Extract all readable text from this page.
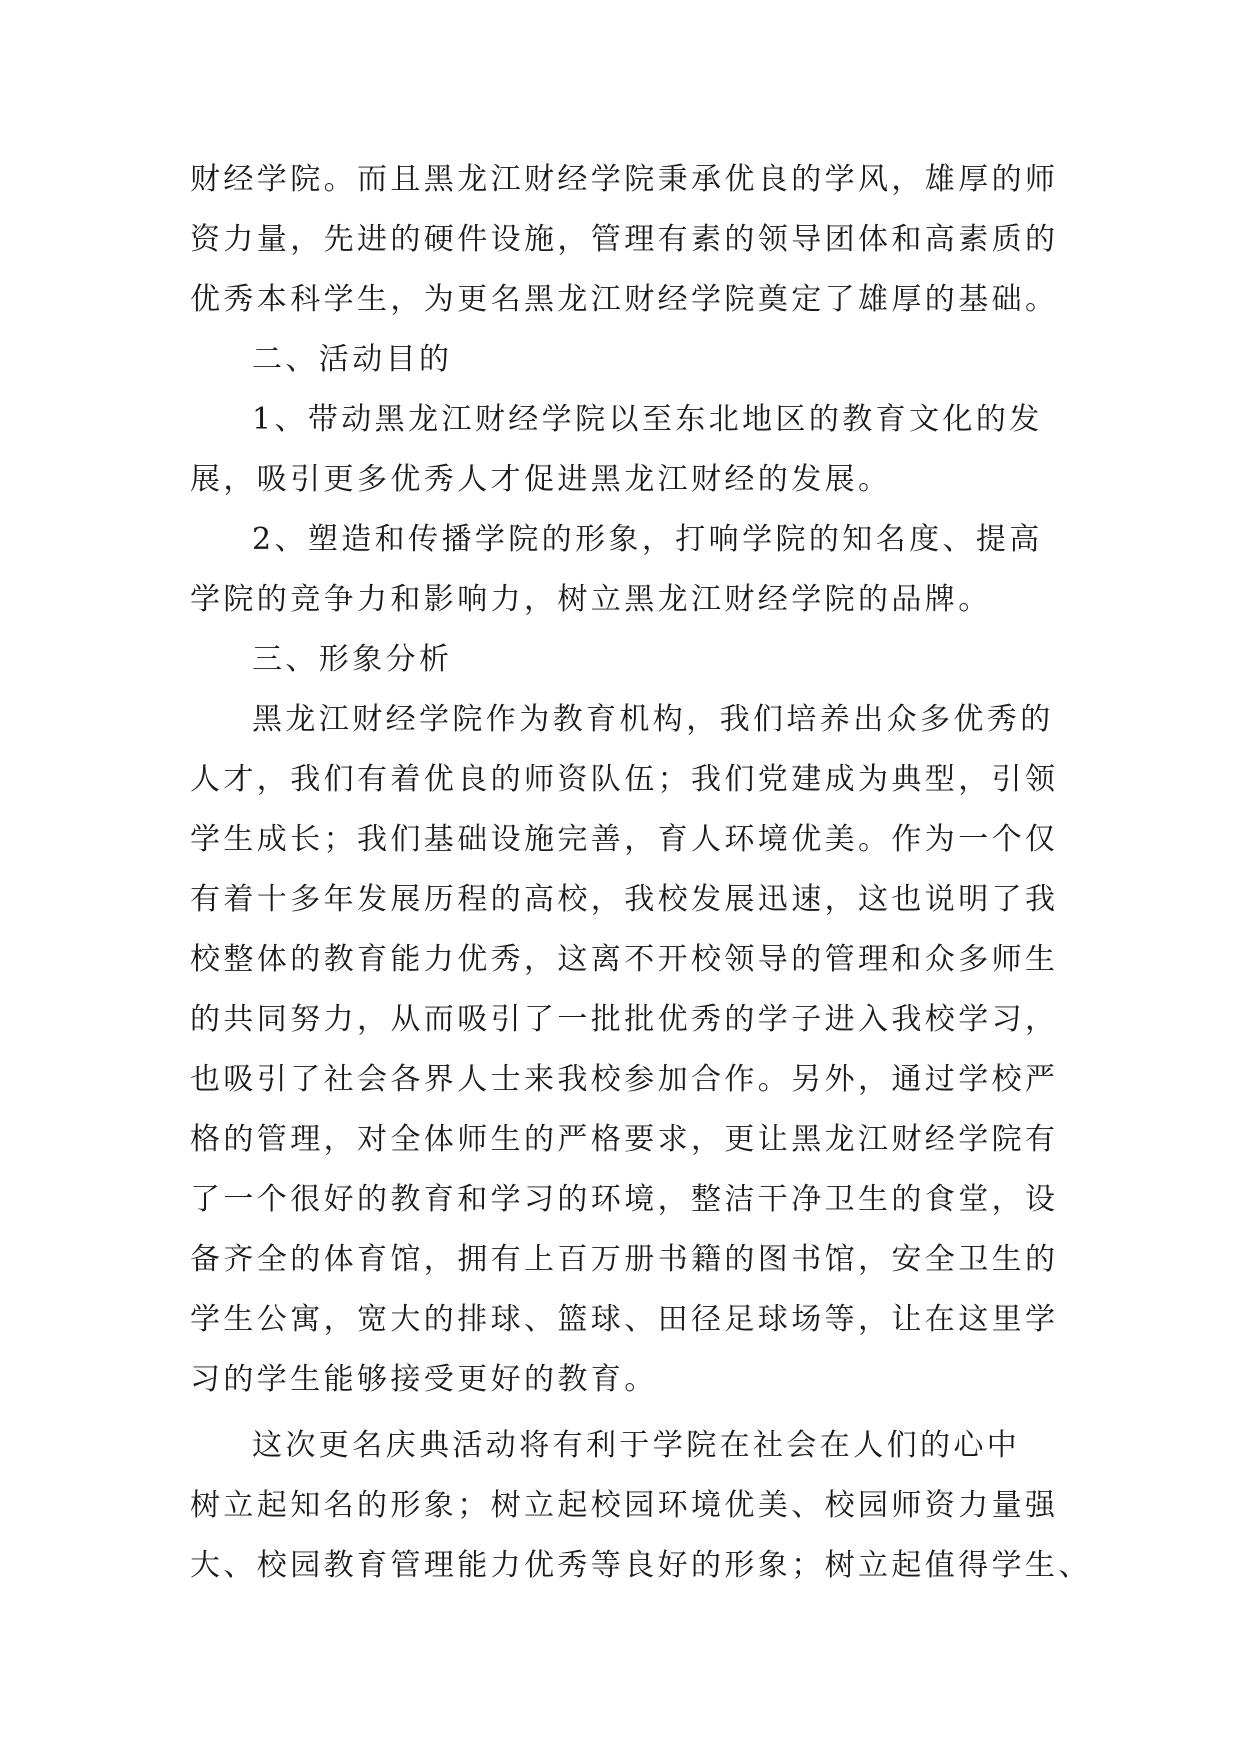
财经学院。而且黑龙江财经学院秉承优良的学风，雄厚的师
资力量，先进的硬件设施，管理有素的领导团体和高素质的
优秀本科学生，为更名黑龙江财经学院奠定了雄厚的基础。
二、活动目的
1、带动黑龙江财经学院以至东北地区的教育文化的发
展，吸引更多优秀人才促进黑龙江财经的发展。
2、塑造和传播学院的形象，打响学院的知名度、提高
学院的竞争力和影响力，树立黑龙江财经学院的品牌。
三、形象分析
黑龙江财经学院作为教育机构，我们培养出众多优秀的
人才，我们有着优良的师资队伍；我们党建成为典型，引领
学生成长；我们基础设施完善，育人环境优美。作为一个仅
有着十多年发展历程的高校，我校发展迅速，这也说明了我
校整体的教育能力优秀，这离不开校领导的管理和众多师生
的共同努力，从而吸引了一批批优秀的学子进入我校学习，
也吸引了社会各界人士来我校参加合作。另外，通过学校严
格的管理，对全体师生的严格要求，更让黑龙江财经学院有
了一个很好的教育和学习的环境，整洁干净卫生的食堂，设
备齐全的体育馆，拥有上百万册书籍的图书馆，安全卫生的
学生公寓，宽大的排球、篮球、田径足球场等，让在这里学
习的学生能够接受更好的教育。
这次更名庆典活动将有利于学院在社会在人们的心中
树立起知名的形象；树立起校园环境优美、校园师资力量强
大、校园教育管理能力优秀等良好的形象；树立起值得学生、
